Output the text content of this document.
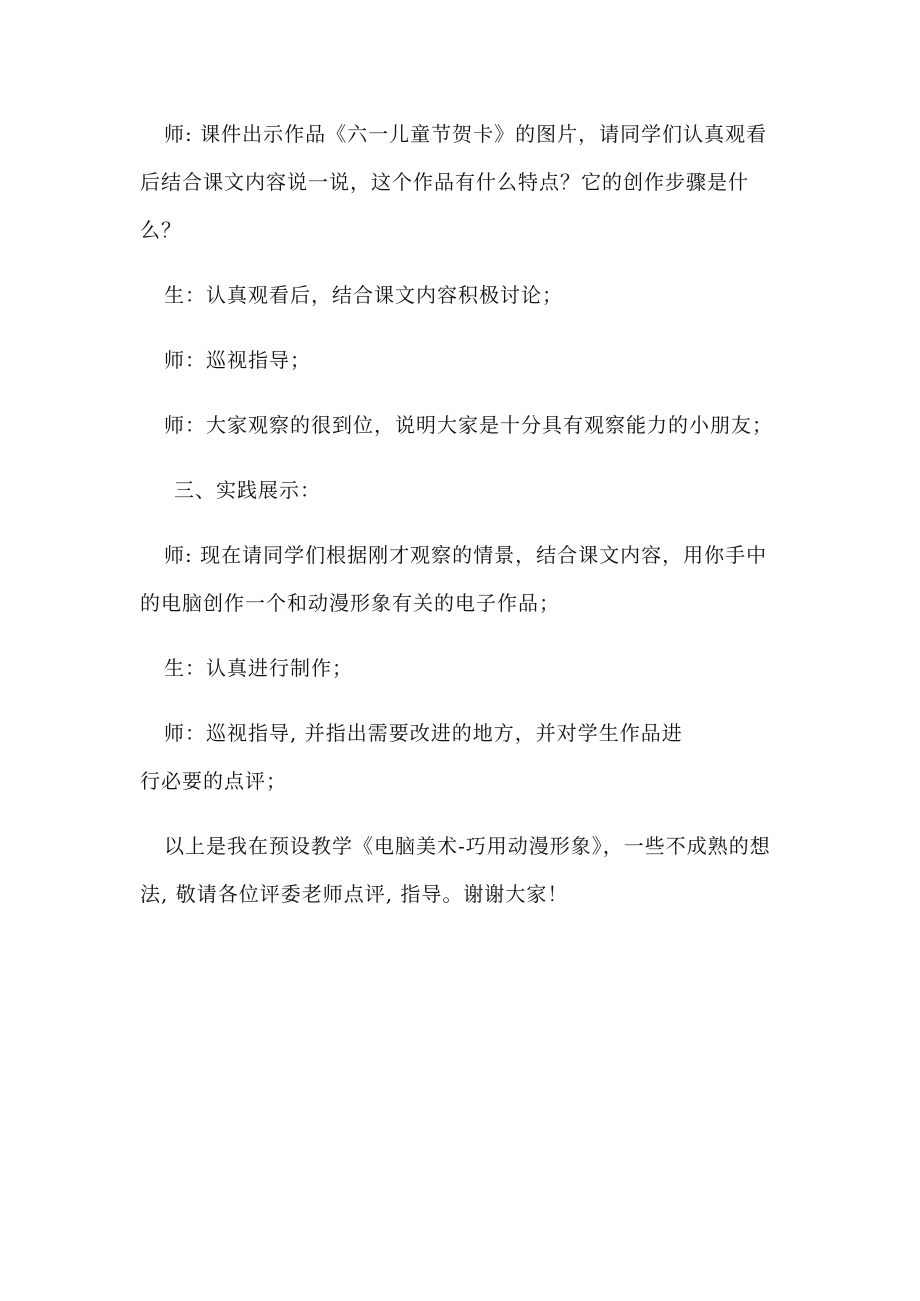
师: 课件出示作品《六一儿童节贺卡》的图片，请同学们认真观看后结合课文内容说一说，这个作品有什么特点？它的创作步骤是什么？

生：认真观看后，结合课文内容积极讨论；

师：巡视指导；

师：大家观察的很到位，说明大家是十分具有观察能力的小朋友；

三、实践展示：

师: 现在请同学们根据刚才观察的情景，结合课文内容，用你手中的电脑创作一个和动漫形象有关的电子作品；

生：认真进行制作；

师：巡视指导, 并指出需要改进的地方，并对学生作品进

行必要的点评；

以上是我在预设教学《电脑美术-巧用动漫形象》，一些不成熟的想法, 敬请各位评委老师点评, 指导。谢谢大家！
